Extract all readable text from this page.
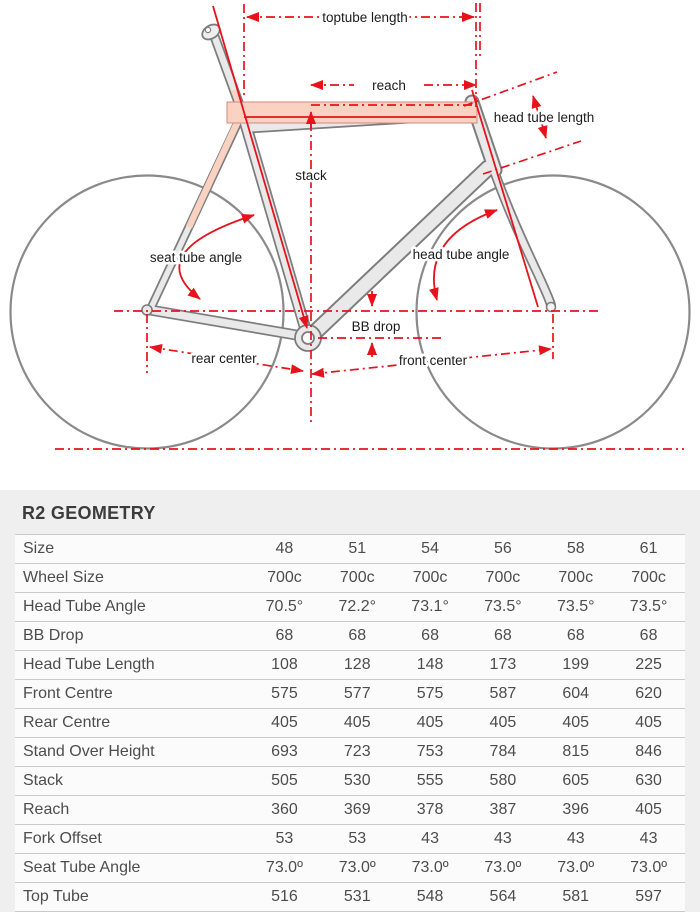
toptube length
reach
head tube length
stack
seat tube angle	head tube angle
BB drop
rear center	front center
R2 GEOMETRY
Size	48	51	54	56	58	61
Wheel Size	700c	700c	700c	700c	700c	700c
Head Tube Angle	70.5°	72.2°	73.1°	73.5°	73.5°	73.5°
BB Drop	68	68	68	68	68	68
Head Tube Length	108	128	148	173	199	225
Front Centre	575	577	575	587	604	620
Rear Centre	405	405	405	405	405	405
Stand Over Height	693	723	753	784	815	846
Stack	505	530	555	580	605	630
Reach	360	369	378	387	396	405
Fork Offset	53	53	43	43	43	43
Seat Tube Angle	73.0º	73.0º	73.0º	73.0º	73.0º	73.0º
Top Tube	516	531	548	564	581	597
